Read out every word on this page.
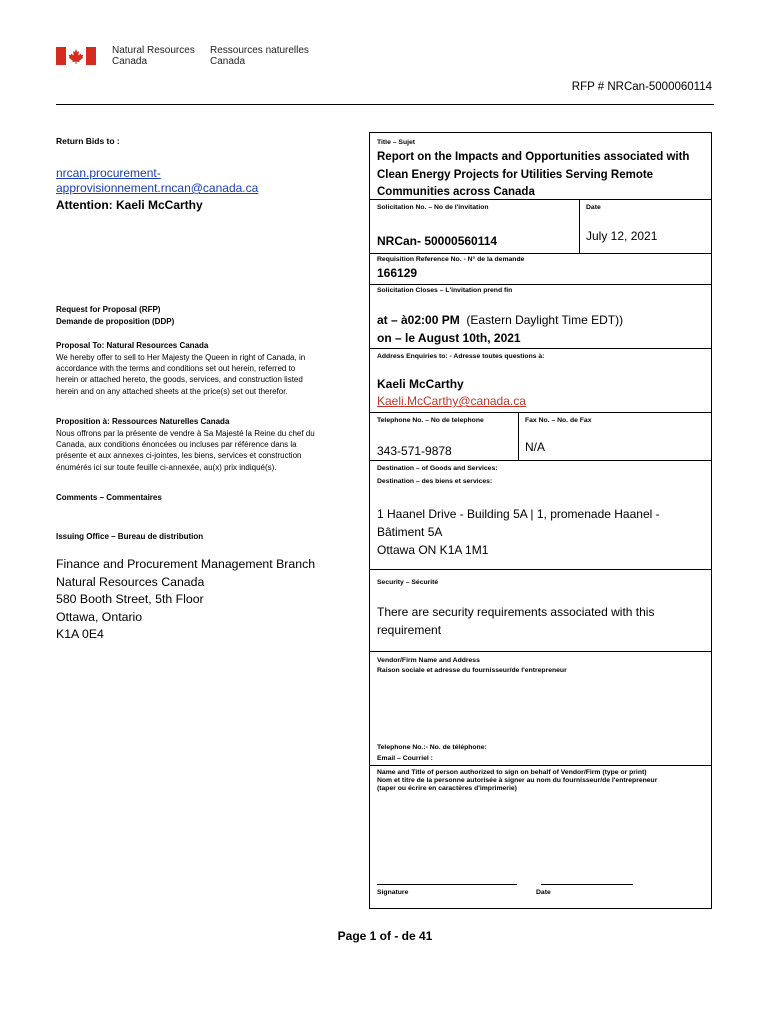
Natural Resources
Canada
Ressources naturelles
Canada
RFP # NRCan-5000060114
Return Bids to :
nrcan.procurement-
approvisionnement.rncan@canada.ca
Attention: Kaeli McCarthy
Request for Proposal (RFP)
Demande de proposition (DDP)
Proposal To: Natural Resources Canada
We hereby offer to sell to Her Majesty the Queen in right of Canada, in
accordance with the terms and conditions set out herein, referred to
herein or attached hereto, the goods, services, and construction listed
herein and on any attached sheets at the price(s) set out therefor.
Proposition à: Ressources Naturelles Canada
Nous offrons par la présente de vendre à Sa Majesté la Reine du chef du
Canada, aux conditions énoncées ou incluses par référence dans la
présente et aux annexes ci-jointes, les biens, services et construction
énumérés ici sur toute feuille ci-annexée, au(x) prix indiqué(s).
Comments – Commentaires
Issuing Office – Bureau de distribution
Finance and Procurement Management Branch
Natural Resources Canada
580 Booth Street, 5th Floor
Ottawa, Ontario
K1A 0E4
Title – Sujet
Report on the Impacts and Opportunities associated with Clean Energy Projects for Utilities Serving Remote Communities across Canada
Solicitation No. – No de l'invitation	Date
NRCan- 50000560114	July 12, 2021
Requisition Reference No. - N° de la demande
166129
Solicitation Closes – L'invitation prend fin
at – à02:00 PM (Eastern Daylight Time EDT))
on – le August 10th, 2021
Address Enquiries to: - Adresse toutes questions à:
Kaeli McCarthy
Kaeli.McCarthy@canada.ca
Telephone No. – No de telephone	Fax No. – No. de Fax
343-571-9878	N/A
Destination – of Goods and Services:
Destination – des biens et services:
1 Haanel Drive - Building 5A | 1, promenade Haanel -
Bâtiment 5A
Ottawa ON K1A 1M1
Security – Sécurité
There are security requirements associated with this
requirement
Vendor/Firm Name and Address
Raison sociale et adresse du fournisseur/de l'entrepreneur
Telephone No.:- No. de téléphone:
Email – Courriel :
Name and Title of person authorized to sign on behalf of Vendor/Firm (type or print)
Nom et titre de la personne autorisée à signer au nom du fournisseur/de l'entrepreneur
(taper ou écrire en caractères d'imprimerie)
Signature	Date
Page 1 of - de 41
